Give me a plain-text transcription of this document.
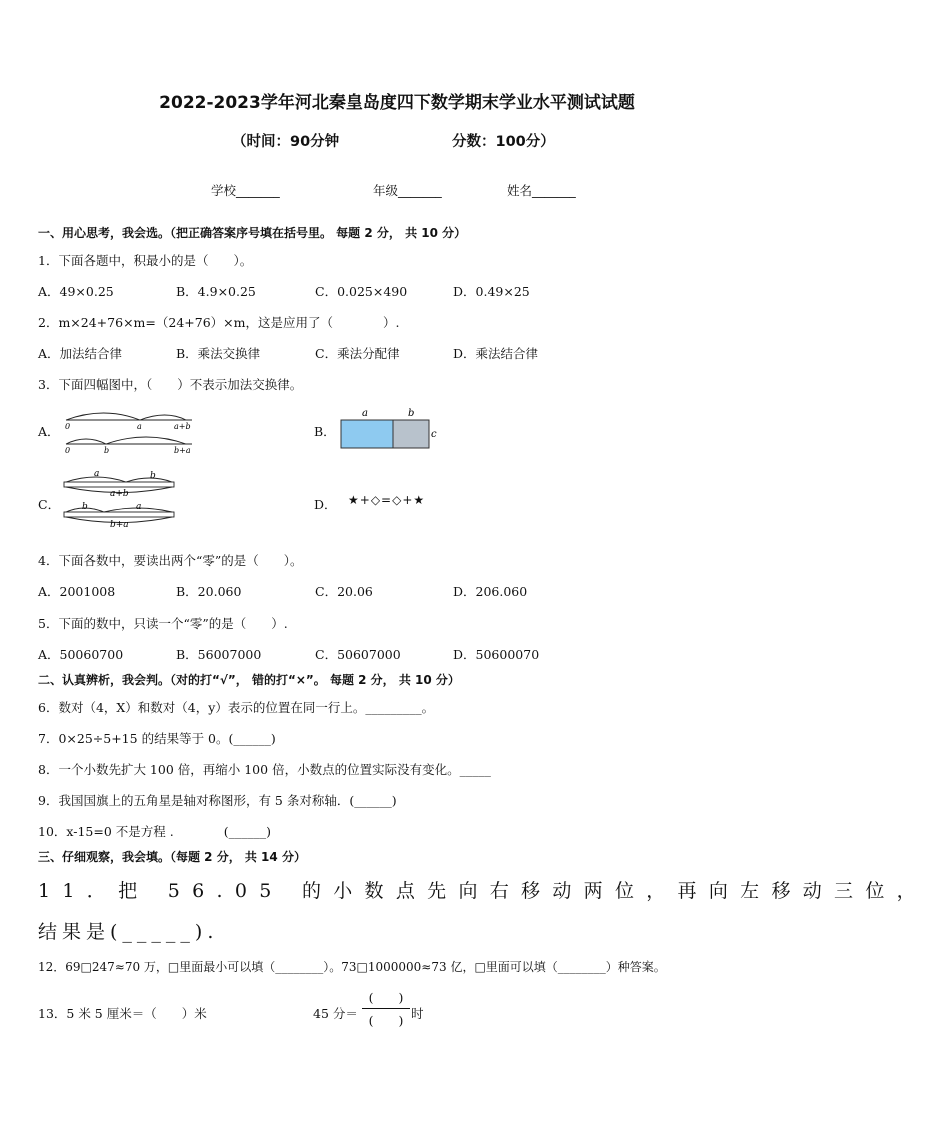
2022-2023学年河北秦皇岛度四下数学期末学业水平测试试题
（时间：90分钟	分数：100分）
学校_______	年级_______	姓名_______
一、用心思考，我会选。（把正确答案序号填在括号里。 每题 2 分， 共 10 分）
1．下面各题中，积最小的是（　　）。
A．49×0.25	B．4.9×0.25	C．0.025×490	D．0.49×25
2．m×24+76×m=（24+76）×m，这是应用了（　　　　）.
A．加法结合律	B．乘法交换律	C．乘法分配律	D．乘法结合律
3．下面四幅图中，（　　）不表示加法交换律。
A． 0	a	a+b
0	b	b+a
B．
a	b
c
C．
a	b
a+b
b	a
b+a
D． ★+◇=◇+★
4．下面各数中，要读出两个“零”的是（　　）。
A．2001008	B．20.060	C．20.06	D．206.060
5．下面的数中，只读一个“零”的是（　　）.
A．50060700	B．56007000	C．50607000	D．50600070
二、认真辨析，我会判。（对的打“√”， 错的打“×”。 每题 2 分， 共 10 分）
6．数对（4，X）和数对（4，y）表示的位置在同一行上。_________。
7．0×25÷5+15 的结果等于 0。(______)
8．一个小数先扩大 100 倍，再缩小 100 倍，小数点的位置实际没有变化。_____
9．我国国旗上的五角星是轴对称图形，有 5 条对称轴．(______)
10．x-15=0 不是方程 .　　　　(______)
三、仔细观察，我会填。（每题 2 分， 共 14 分）
11．把 56.05 的小数点先向右移动两位，再向左移动三位，
结果是(_____).
12．69□247≈70 万，□里面最小可以填（________）。73□1000000≈73 亿，□里面可以填（________）种答案。
13．5 米 5 厘米＝（　　）米	45 分＝
(　　)
(　　) 时
